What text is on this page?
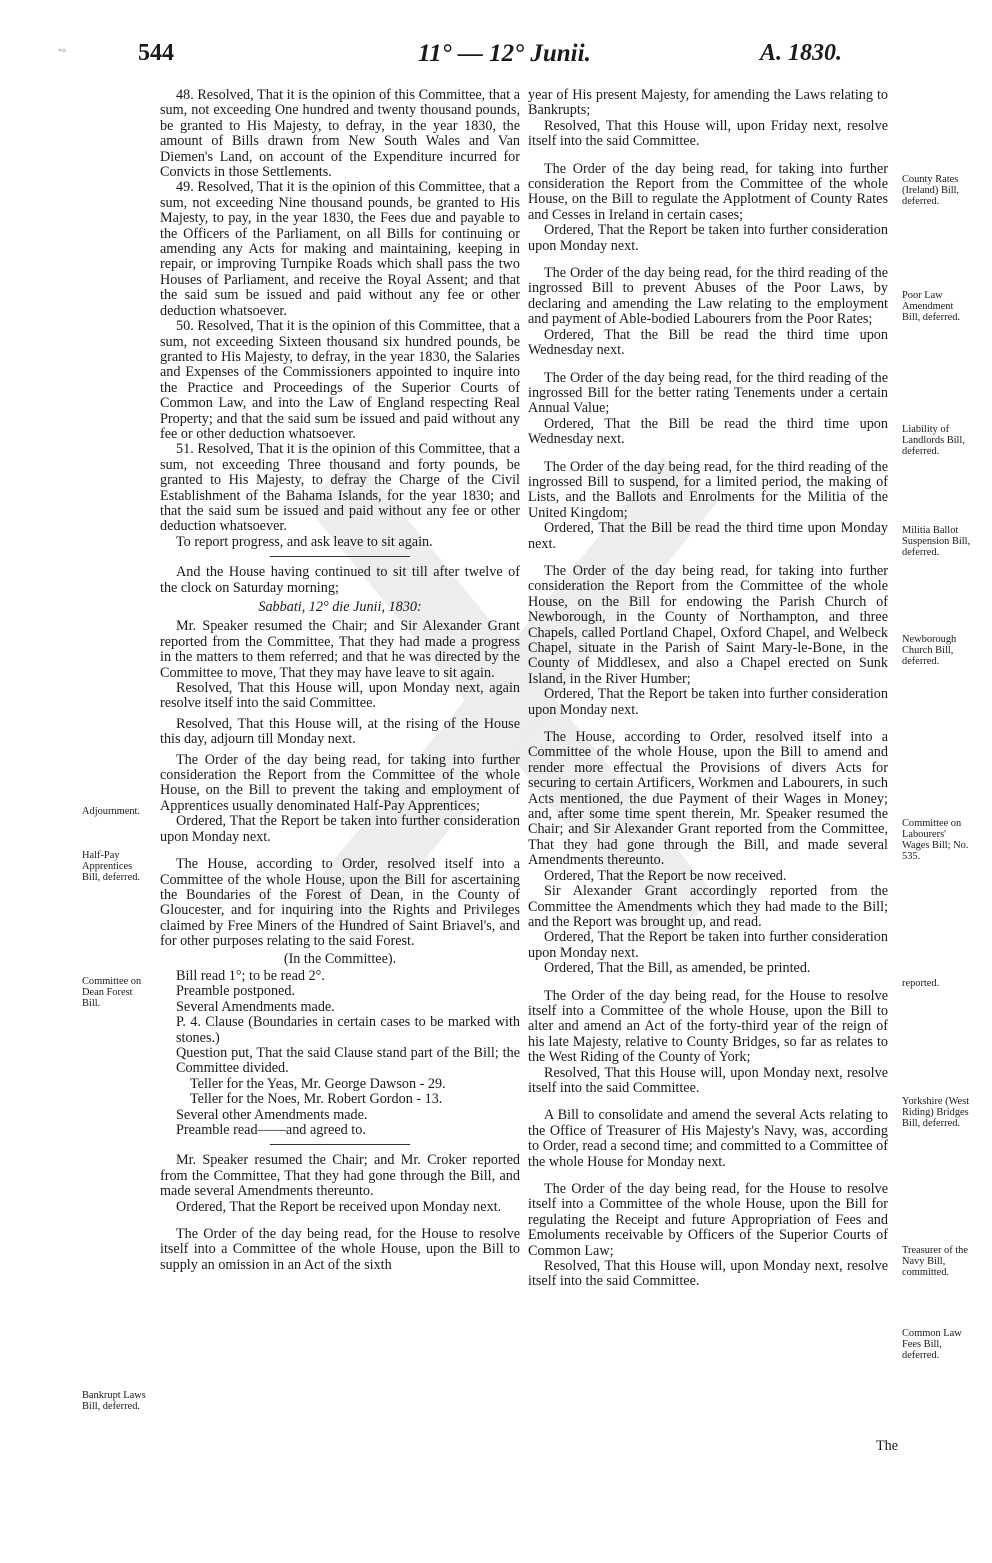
544	11° — 12° Junii.	A. 1830.
"°

48. Resolved, That it is the opinion of this Committee, that a sum, not exceeding One hundred and twenty thousand pounds, be granted to His Majesty, to defray, in the year 1830, the amount of Bills drawn from New South Wales and Van Diemen's Land, on account of the Expenditure incurred for Convicts in those Settlements.

49. Resolved, That it is the opinion of this Committee, that a sum, not exceeding Nine thousand pounds, be granted to His Majesty, to pay, in the year 1830, the Fees due and payable to the Officers of the Parliament, on all Bills for continuing or amending any Acts for making and maintaining, keeping in repair, or improving Turnpike Roads which shall pass the two Houses of Parliament, and receive the Royal Assent; and that the said sum be issued and paid without any fee or other deduction whatsoever.

50. Resolved, That it is the opinion of this Committee, that a sum, not exceeding Sixteen thousand six hundred pounds, be granted to His Majesty, to defray, in the year 1830, the Salaries and Expenses of the Commissioners appointed to inquire into the Practice and Proceedings of the Superior Courts of Common Law, and into the Law of England respecting Real Property; and that the said sum be issued and paid without any fee or other deduction whatsoever.

51. Resolved, That it is the opinion of this Committee, that a sum, not exceeding Three thousand and forty pounds, be granted to His Majesty, to defray the Charge of the Civil Establishment of the Bahama Islands, for the year 1830; and that the said sum be issued and paid without any fee or other deduction whatsoever.

To report progress, and ask leave to sit again.

And the House having continued to sit till after twelve of the clock on Saturday morning;

Sabbati, 12° die Junii, 1830:

Mr. Speaker resumed the Chair; and Sir Alexander Grant reported from the Committee, That they had made a progress in the matters to them referred; and that he was directed by the Committee to move, That they may have leave to sit again.

Resolved, That this House will, upon Monday next, again resolve itself into the said Committee.

Resolved, That this House will, at the rising of the House this day, adjourn till Monday next.

The Order of the day being read, for taking into further consideration the Report from the Committee of the whole House, on the Bill to prevent the taking and employment of Apprentices usually denominated Half-Pay Apprentices;

Ordered, That the Report be taken into further consideration upon Monday next.

The House, according to Order, resolved itself into a Committee of the whole House, upon the Bill for ascertaining the Boundaries of the Forest of Dean, in the County of Gloucester, and for inquiring into the Rights and Privileges claimed by Free Miners of the Hundred of Saint Briavel's, and for other purposes relating to the said Forest.

(In the Committee).

Bill read 1°; to be read 2°.

Preamble postponed.

Several Amendments made.

P. 4. Clause (Boundaries in certain cases to be marked with stones.)

Question put, That the said Clause stand part of the Bill; the Committee divided.

Teller for the Yeas, Mr. George Dawson - 29.

Teller for the Noes, Mr. Robert Gordon - 13.

Several other Amendments made.

Preamble read——and agreed to.

Mr. Speaker resumed the Chair; and Mr. Croker reported from the Committee, That they had gone through the Bill, and made several Amendments thereunto.

Ordered, That the Report be received upon Monday next.

The Order of the day being read, for the House to resolve itself into a Committee of the whole House, upon the Bill to supply an omission in an Act of the sixth

year of His present Majesty, for amending the Laws relating to Bankrupts;

Resolved, That this House will, upon Friday next, resolve itself into the said Committee.

The Order of the day being read, for taking into further consideration the Report from the Committee of the whole House, on the Bill to regulate the Applotment of County Rates and Cesses in Ireland in certain cases;

Ordered, That the Report be taken into further consideration upon Monday next.

The Order of the day being read, for the third reading of the ingrossed Bill to prevent Abuses of the Poor Laws, by declaring and amending the Law relating to the employment and payment of Able-bodied Labourers from the Poor Rates;

Ordered, That the Bill be read the third time upon Wednesday next.

The Order of the day being read, for the third reading of the ingrossed Bill for the better rating Tenements under a certain Annual Value;

Ordered, That the Bill be read the third time upon Wednesday next.

The Order of the day being read, for the third reading of the ingrossed Bill to suspend, for a limited period, the making of Lists, and the Ballots and Enrolments for the Militia of the United Kingdom;

Ordered, That the Bill be read the third time upon Monday next.

The Order of the day being read, for taking into further consideration the Report from the Committee of the whole House, on the Bill for endowing the Parish Church of Newborough, in the County of Northampton, and three Chapels, called Portland Chapel, Oxford Chapel, and Welbeck Chapel, situate in the Parish of Saint Mary-le-Bone, in the County of Middlesex, and also a Chapel erected on Sunk Island, in the River Humber;

Ordered, That the Report be taken into further consideration upon Monday next.

The House, according to Order, resolved itself into a Committee of the whole House, upon the Bill to amend and render more effectual the Provisions of divers Acts for securing to certain Artificers, Workmen and Labourers, in such Acts mentioned, the due Payment of their Wages in Money; and, after some time spent therein, Mr. Speaker resumed the Chair; and Sir Alexander Grant reported from the Committee, That they had gone through the Bill, and made several Amendments thereunto.

Ordered, That the Report be now received.

Sir Alexander Grant accordingly reported from the Committee the Amendments which they had made to the Bill; and the Report was brought up, and read.

Ordered, That the Report be taken into further consideration upon Monday next.

Ordered, That the Bill, as amended, be printed.

The Order of the day being read, for the House to resolve itself into a Committee of the whole House, upon the Bill to alter and amend an Act of the forty-third year of the reign of his late Majesty, relative to County Bridges, so far as relates to the West Riding of the County of York;

Resolved, That this House will, upon Monday next, resolve itself into the said Committee.

A Bill to consolidate and amend the several Acts relating to the Office of Treasurer of His Majesty's Navy, was, according to Order, read a second time; and committed to a Committee of the whole House for Monday next.

The Order of the day being read, for the House to resolve itself into a Committee of the whole House, upon the Bill for regulating the Receipt and future Appropriation of Fees and Emoluments receivable by Officers of the Superior Courts of Common Law;

Resolved, That this House will, upon Monday next, resolve itself into the said Committee.

The
Adjournment.
Half-Pay Apprentices Bill, deferred.
Committee on Dean Forest Bill.
Bankrupt Laws Bill, deferred.
County Rates (Ireland) Bill, deferred.
Poor Law Amendment Bill, deferred.
Liability of Landlords Bill, deferred.
Militia Ballot Suspension Bill, deferred.
Newborough Church Bill, deferred.
Committee on Labourers' Wages Bill; No. 535.
reported.
Yorkshire (West Riding) Bridges Bill, deferred.
Treasurer of the Navy Bill, committed.
Common Law Fees Bill, deferred.
